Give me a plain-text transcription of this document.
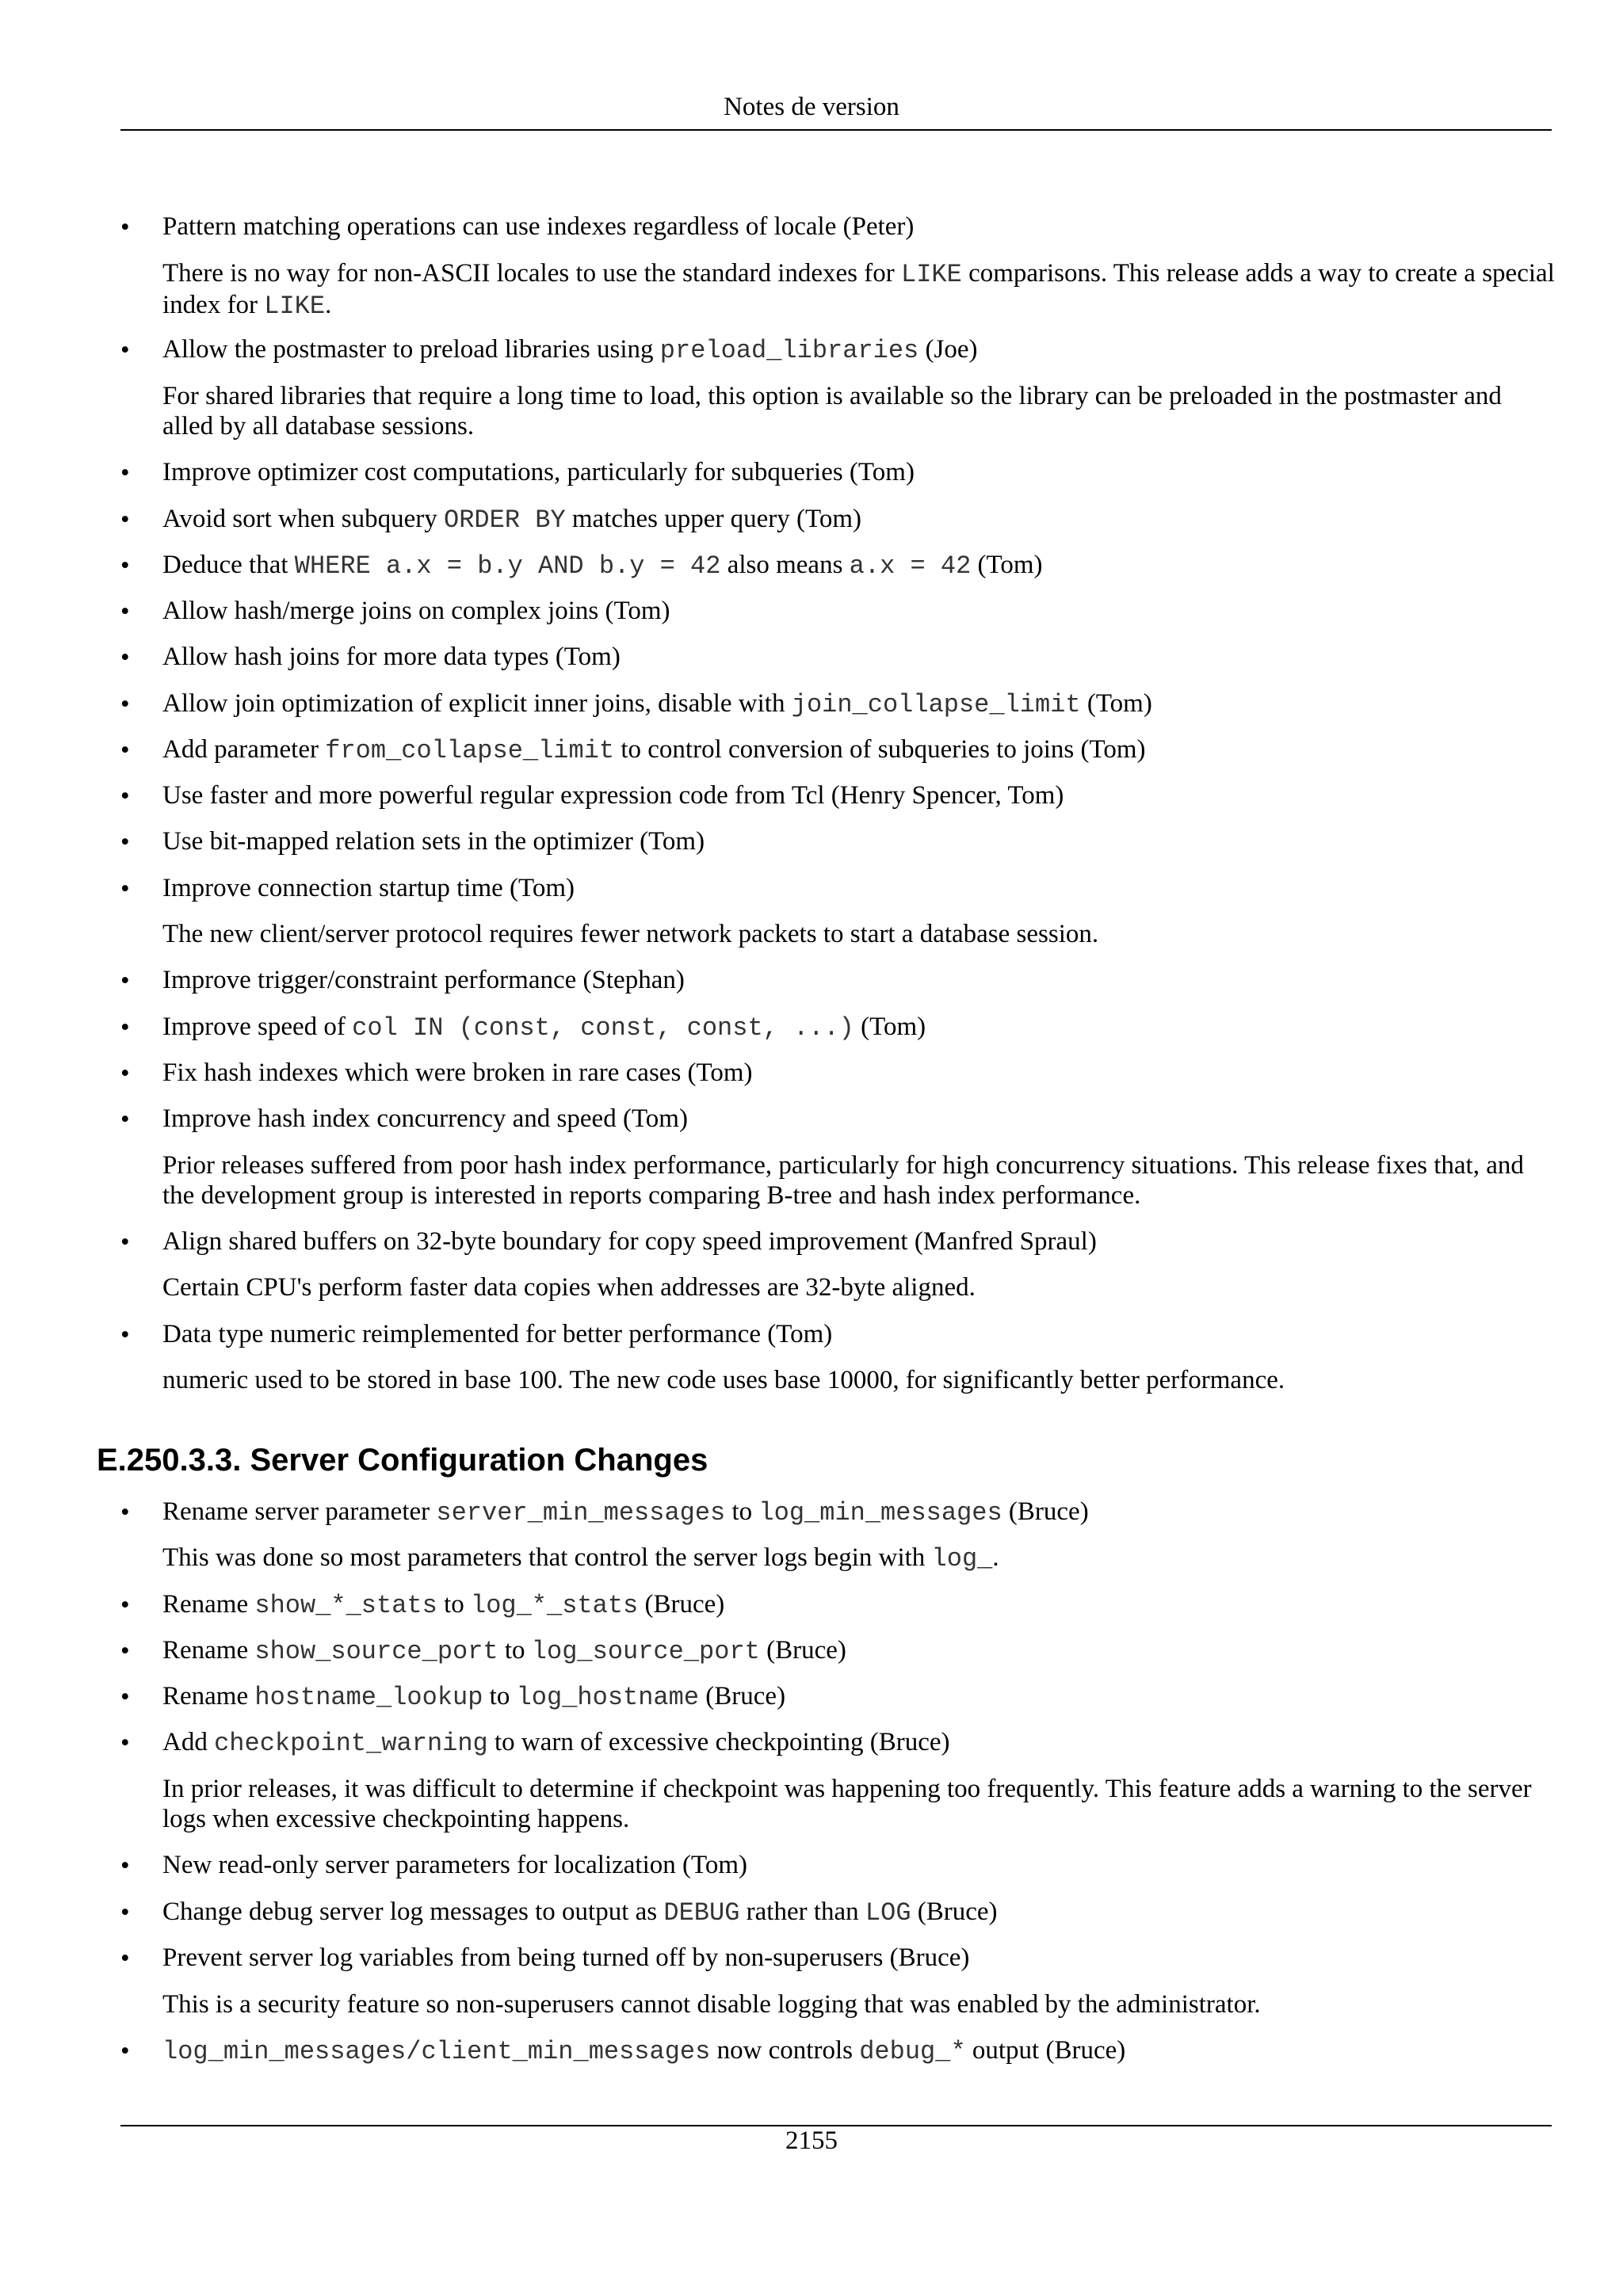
Notes de version
• Pattern matching operations can use indexes regardless of locale (Peter)
There is no way for non-ASCII locales to use the standard indexes for LIKE comparisons. This release adds a way to create a special index for LIKE.
• Allow the postmaster to preload libraries using preload_libraries (Joe)
For shared libraries that require a long time to load, this option is available so the library can be preloaded in the postmaster and alled by all database sessions.
• Improve optimizer cost computations, particularly for subqueries (Tom)
• Avoid sort when subquery ORDER BY matches upper query (Tom)
• Deduce that WHERE a.x = b.y AND b.y = 42 also means a.x = 42 (Tom)
• Allow hash/merge joins on complex joins (Tom)
• Allow hash joins for more data types (Tom)
• Allow join optimization of explicit inner joins, disable with join_collapse_limit (Tom)
• Add parameter from_collapse_limit to control conversion of subqueries to joins (Tom)
• Use faster and more powerful regular expression code from Tcl (Henry Spencer, Tom)
• Use bit-mapped relation sets in the optimizer (Tom)
• Improve connection startup time (Tom)
The new client/server protocol requires fewer network packets to start a database session.
• Improve trigger/constraint performance (Stephan)
• Improve speed of col IN (const, const, const, ...) (Tom)
• Fix hash indexes which were broken in rare cases (Tom)
• Improve hash index concurrency and speed (Tom)
Prior releases suffered from poor hash index performance, particularly for high concurrency situations. This release fixes that, and the development group is interested in reports comparing B-tree and hash index performance.
• Align shared buffers on 32-byte boundary for copy speed improvement (Manfred Spraul)
Certain CPU's perform faster data copies when addresses are 32-byte aligned.
• Data type numeric reimplemented for better performance (Tom)
numeric used to be stored in base 100. The new code uses base 10000, for significantly better performance.
E.250.3.3. Server Configuration Changes
• Rename server parameter server_min_messages to log_min_messages (Bruce)
This was done so most parameters that control the server logs begin with log_.
• Rename show_*_stats to log_*_stats (Bruce)
• Rename show_source_port to log_source_port (Bruce)
• Rename hostname_lookup to log_hostname (Bruce)
• Add checkpoint_warning to warn of excessive checkpointing (Bruce)
In prior releases, it was difficult to determine if checkpoint was happening too frequently. This feature adds a warning to the server logs when excessive checkpointing happens.
• New read-only server parameters for localization (Tom)
• Change debug server log messages to output as DEBUG rather than LOG (Bruce)
• Prevent server log variables from being turned off by non-superusers (Bruce)
This is a security feature so non-superusers cannot disable logging that was enabled by the administrator.
• log_min_messages/client_min_messages now controls debug_* output (Bruce)
2155
